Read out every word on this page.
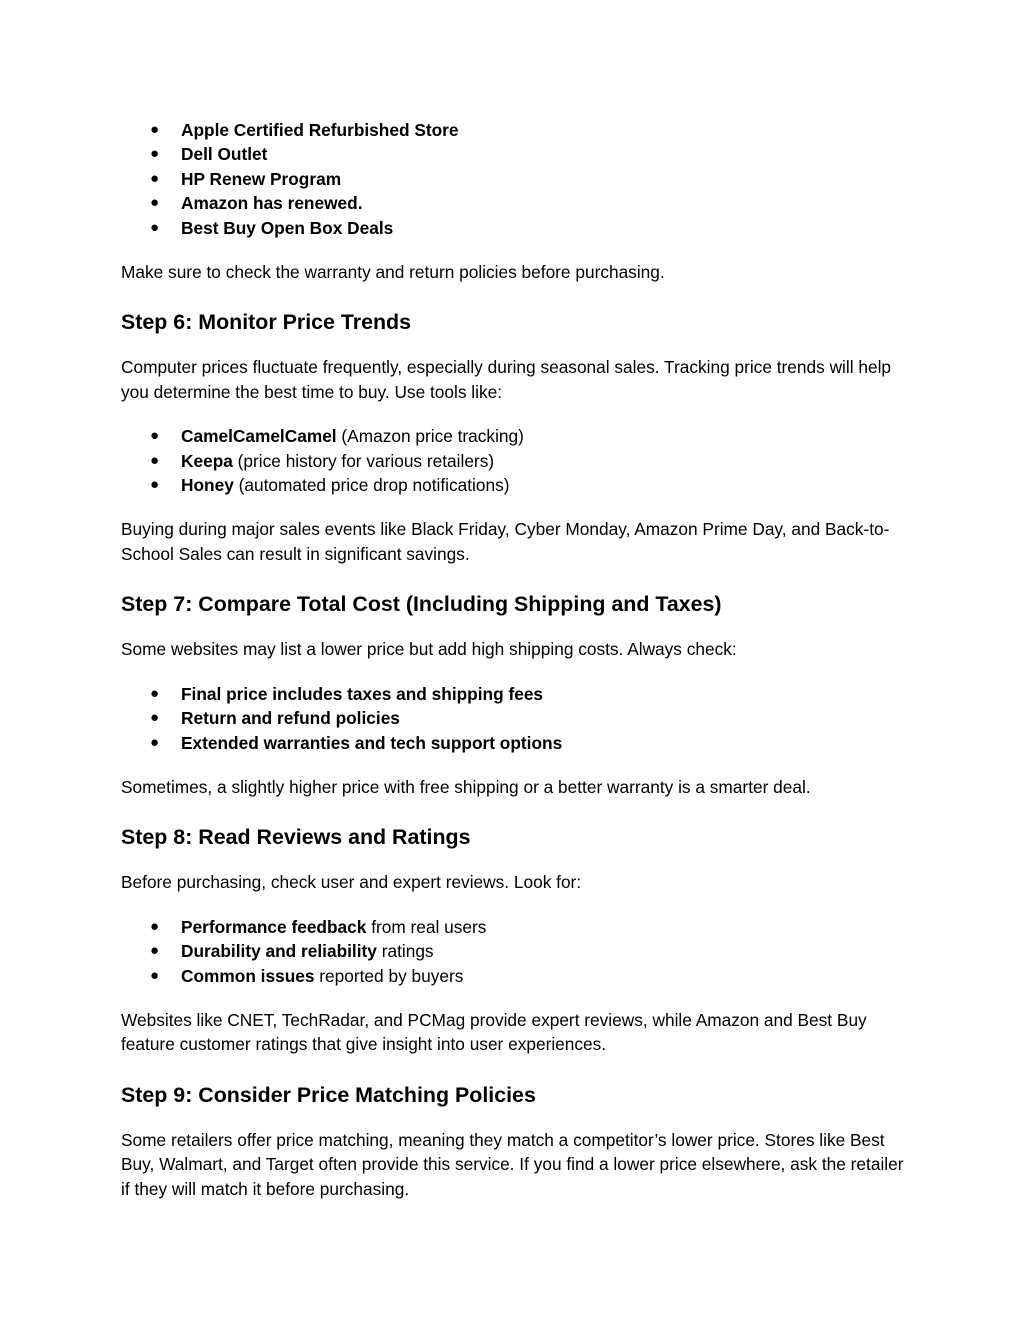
● Apple Certified Refurbished Store
● Dell Outlet
● HP Renew Program
● Amazon has renewed.
● Best Buy Open Box Deals

Make sure to check the warranty and return policies before purchasing.

Step 6: Monitor Price Trends

Computer prices fluctuate frequently, especially during seasonal sales. Tracking price trends will help you determine the best time to buy. Use tools like:

● CamelCamelCamel (Amazon price tracking)
● Keepa (price history for various retailers)
● Honey (automated price drop notifications)

Buying during major sales events like Black Friday, Cyber Monday, Amazon Prime Day, and Back-to-School Sales can result in significant savings.

Step 7: Compare Total Cost (Including Shipping and Taxes)

Some websites may list a lower price but add high shipping costs. Always check:

● Final price includes taxes and shipping fees
● Return and refund policies
● Extended warranties and tech support options

Sometimes, a slightly higher price with free shipping or a better warranty is a smarter deal.

Step 8: Read Reviews and Ratings

Before purchasing, check user and expert reviews. Look for:

● Performance feedback from real users
● Durability and reliability ratings
● Common issues reported by buyers

Websites like CNET, TechRadar, and PCMag provide expert reviews, while Amazon and Best Buy feature customer ratings that give insight into user experiences.

Step 9: Consider Price Matching Policies

Some retailers offer price matching, meaning they match a competitor’s lower price. Stores like Best Buy, Walmart, and Target often provide this service. If you find a lower price elsewhere, ask the retailer if they will match it before purchasing.
